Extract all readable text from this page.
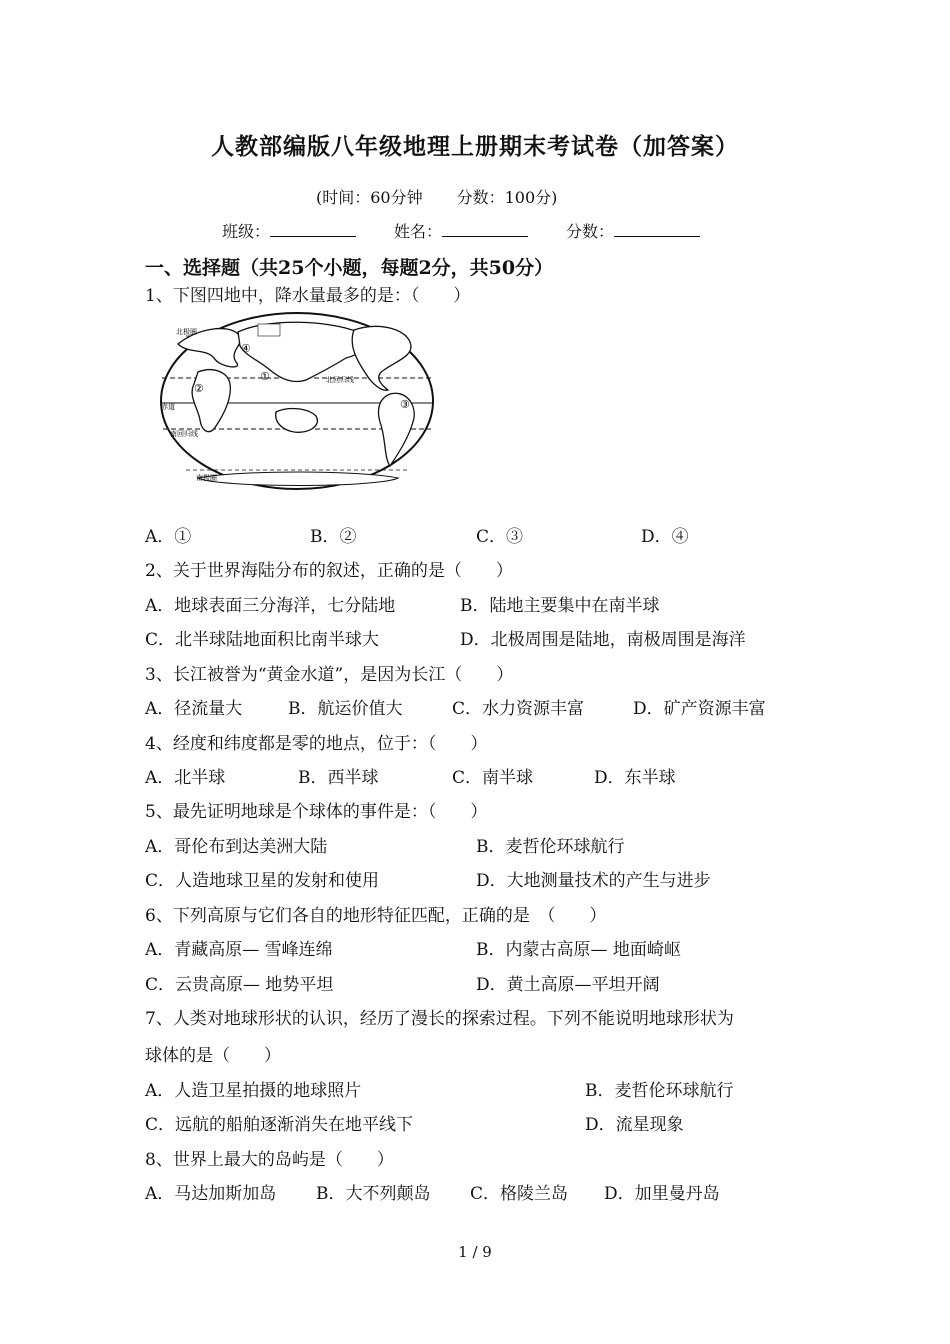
人教部编版八年级地理上册期末考试卷（加答案）
(时间：60分钟 分数：100分)
班级：	姓名：	分数：
一、选择题（共25个小题，每题2分，共50分）
1、下图四地中，降水量最多的是：（　　）
北极圈
北回归线
赤道
南回归线
南极圈
①
②
③
④
A．①	B．②	C．③	D．④
2、关于世界海陆分布的叙述，正确的是（　　）
A．地球表面三分海洋，七分陆地	B．陆地主要集中在南半球
C．北半球陆地面积比南半球大	D．北极周围是陆地，南极周围是海洋
3、长江被誉为“黄金水道”，是因为长江（　　）
A．径流量大	B．航运价值大	C．水力资源丰富	D．矿产资源丰富
4、经度和纬度都是零的地点，位于：（　　）
A．北半球	B．西半球	C．南半球	D．东半球
5、最先证明地球是个球体的事件是：（　　）
A．哥伦布到达美洲大陆	B．麦哲伦环球航行
C．人造地球卫星的发射和使用	D．大地测量技术的产生与进步
6、下列高原与它们各自的地形特征匹配，正确的是　（　　）
A．青藏高原— 雪峰连绵	B．内蒙古高原— 地面崎岖
C．云贵高原— 地势平坦	D．黄土高原—平坦开阔
7、人类对地球形状的认识，经历了漫长的探索过程。下列不能说明地球形状为
球体的是（　　）
A．人造卫星拍摄的地球照片	B．麦哲伦环球航行
C．远航的船舶逐渐消失在地平线下	D．流星现象
8、世界上最大的岛屿是（　　）
A．马达加斯加岛 B．大不列颠岛 C．格陵兰岛 D．加里曼丹岛
1 / 9
